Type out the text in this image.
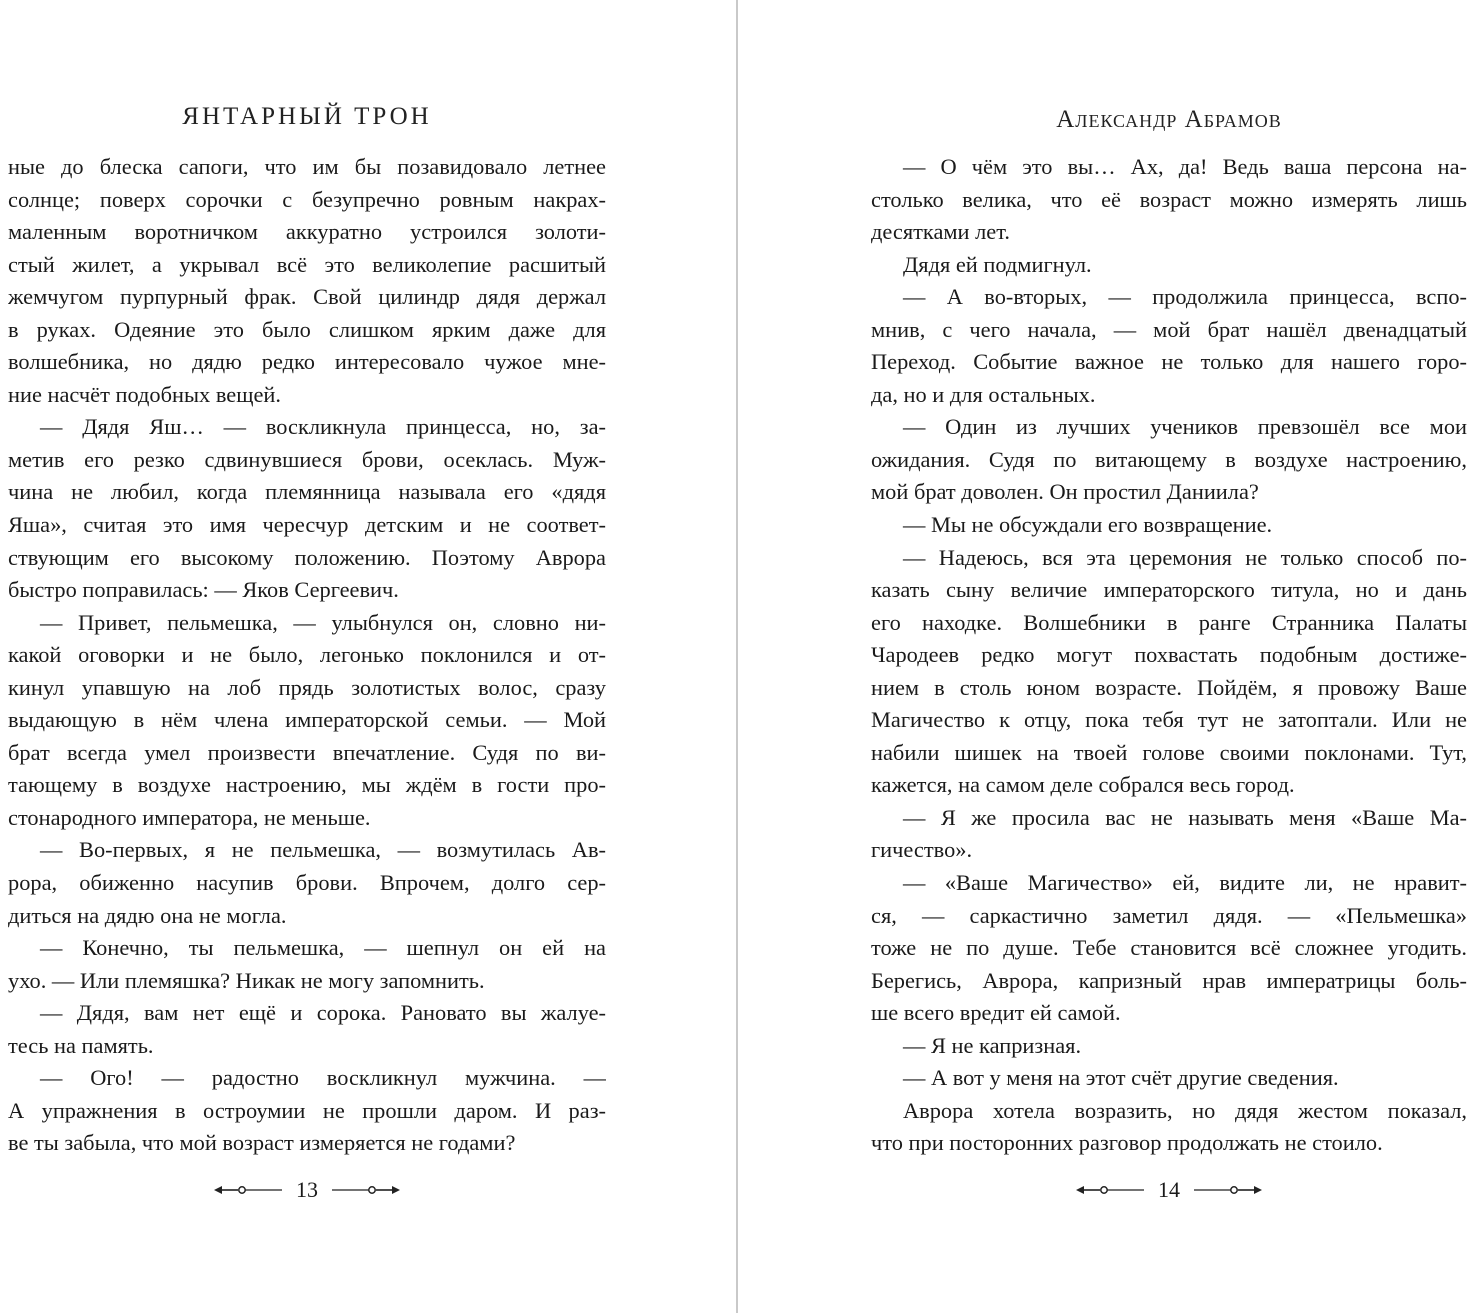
ЯНТАРНЫЙ ТРОН
ные до блеска сапоги, что им бы позавидовало летнее
солнце; поверх сорочки с безупречно ровным накрах-
маленным воротничком аккуратно устроился золоти-
стый жилет, а укрывал всё это великолепие расшитый
жемчугом пурпурный фрак. Свой цилиндр дядя держал
в руках. Одеяние это было слишком ярким даже для
волшебника, но дядю редко интересовало чужое мне-
ние насчёт подобных вещей.
— Дядя Яш… — воскликнула принцесса, но, за-
метив его резко сдвинувшиеся брови, осеклась. Муж-
чина не любил, когда племянница называла его «дядя
Яша», считая это имя чересчур детским и не соответ-
ствующим его высокому положению. Поэтому Аврора
быстро поправилась: — Яков Сергеевич.
— Привет, пельмешка, — улыбнулся он, словно ни-
какой оговорки и не было, легонько поклонился и от-
кинул упавшую на лоб прядь золотистых волос, сразу
выдающую в нём члена императорской семьи. — Мой
брат всегда умел произвести впечатление. Судя по ви-
тающему в воздухе настроению, мы ждём в гости про-
стонародного императора, не меньше.
— Во-первых, я не пельмешка, — возмутилась Ав-
рора, обиженно насупив брови. Впрочем, долго сер-
диться на дядю она не могла.
— Конечно, ты пельмешка, — шепнул он ей на
ухо. — Или племяшка? Никак не могу запомнить.
— Дядя, вам нет ещё и сорока. Рановато вы жалуе-
тесь на память.
— Ого! — радостно воскликнул мужчина. —
А упражнения в остроумии не прошли даром. И раз-
ве ты забыла, что мой возраст измеряется не годами?
13
Александр Абрамов
— О чём это вы… Ах, да! Ведь ваша персона на-
столько велика, что её возраст можно измерять лишь
десятками лет.
Дядя ей подмигнул.
— А во-вторых, — продолжила принцесса, вспо-
мнив, с чего начала, — мой брат нашёл двенадцатый
Переход. Событие важное не только для нашего горо-
да, но и для остальных.
— Один из лучших учеников превзошёл все мои
ожидания. Судя по витающему в воздухе настроению,
мой брат доволен. Он простил Даниила?
— Мы не обсуждали его возвращение.
— Надеюсь, вся эта церемония не только способ по-
казать сыну величие императорского титула, но и дань
его находке. Волшебники в ранге Странника Палаты
Чародеев редко могут похвастать подобным достиже-
нием в столь юном возрасте. Пойдём, я провожу Ваше
Магичество к отцу, пока тебя тут не затоптали. Или не
набили шишек на твоей голове своими поклонами. Тут,
кажется, на самом деле собрался весь город.
— Я же просила вас не называть меня «Ваше Ма-
гичество».
— «Ваше Магичество» ей, видите ли, не нравит-
ся, — саркастично заметил дядя. — «Пельмешка»
тоже не по душе. Тебе становится всё сложнее угодить.
Берегись, Аврора, капризный нрав императрицы боль-
ше всего вредит ей самой.
— Я не капризная.
— А вот у меня на этот счёт другие сведения.
Аврора хотела возразить, но дядя жестом показал,
что при посторонних разговор продолжать не стоило.
14
